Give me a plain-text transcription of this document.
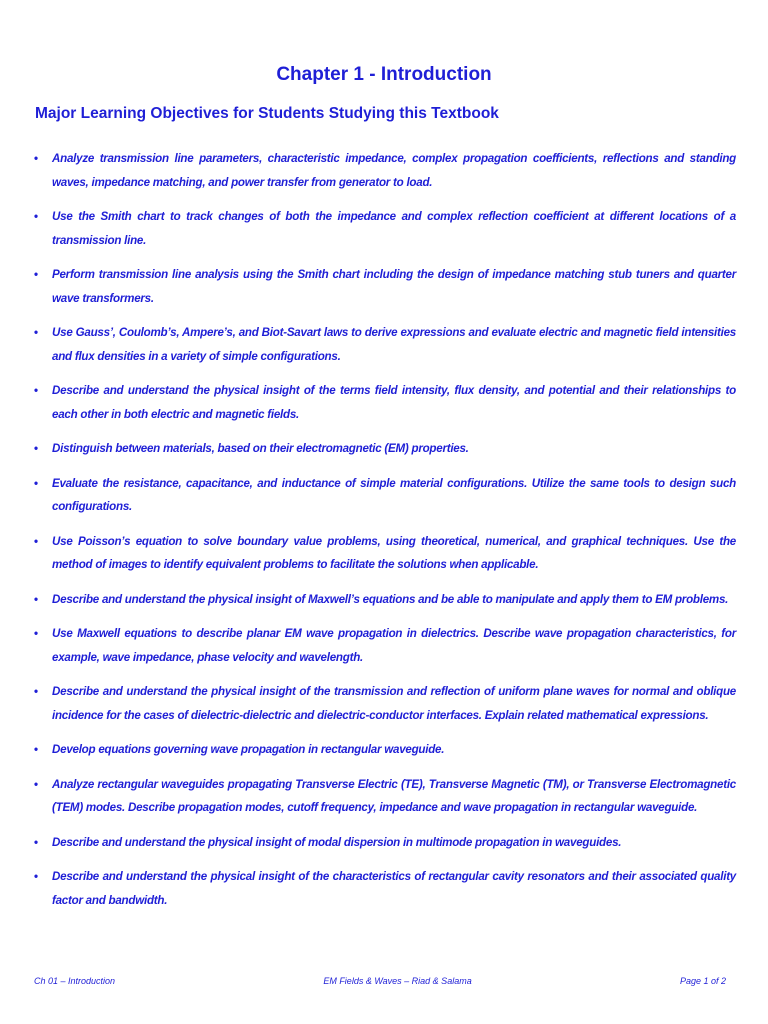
Chapter 1 - Introduction
Major Learning Objectives for Students Studying this Textbook
• Analyze transmission line parameters, characteristic impedance, complex propagation coefficients, reflections and standing waves, impedance matching, and power transfer from generator to load.
• Use the Smith chart to track changes of both the impedance and complex reflection coefficient at different locations of a transmission line.
• Perform transmission line analysis using the Smith chart including the design of impedance matching stub tuners and quarter wave transformers.
• Use Gauss’, Coulomb’s, Ampere’s, and Biot-Savart laws to derive expressions and evaluate electric and magnetic field intensities and flux densities in a variety of simple configurations.
• Describe and understand the physical insight of the terms field intensity, flux density, and potential and their relationships to each other in both electric and magnetic fields.
• Distinguish between materials, based on their electromagnetic (EM) properties.
• Evaluate the resistance, capacitance, and inductance of simple material configurations. Utilize the same tools to design such configurations.
• Use Poisson’s equation to solve boundary value problems, using theoretical, numerical, and graphical techniques. Use the method of images to identify equivalent problems to facilitate the solutions when applicable.
• Describe and understand the physical insight of Maxwell’s equations and be able to manipulate and apply them to EM problems.
• Use Maxwell equations to describe planar EM wave propagation in dielectrics. Describe wave propagation characteristics, for example, wave impedance, phase velocity and wavelength.
• Describe and understand the physical insight of the transmission and reflection of uniform plane waves for normal and oblique incidence for the cases of dielectric-dielectric and dielectric-conductor interfaces. Explain related mathematical expressions.
• Develop equations governing wave propagation in rectangular waveguide.
• Analyze rectangular waveguides propagating Transverse Electric (TE), Transverse Magnetic (TM), or Transverse Electromagnetic (TEM) modes. Describe propagation modes, cutoff frequency, impedance and wave propagation in rectangular waveguide.
• Describe and understand the physical insight of modal dispersion in multimode propagation in waveguides.
• Describe and understand the physical insight of the characteristics of rectangular cavity resonators and their associated quality factor and bandwidth.
Ch 01 – Introduction	EM Fields & Waves – Riad & Salama	Page 1 of 2
